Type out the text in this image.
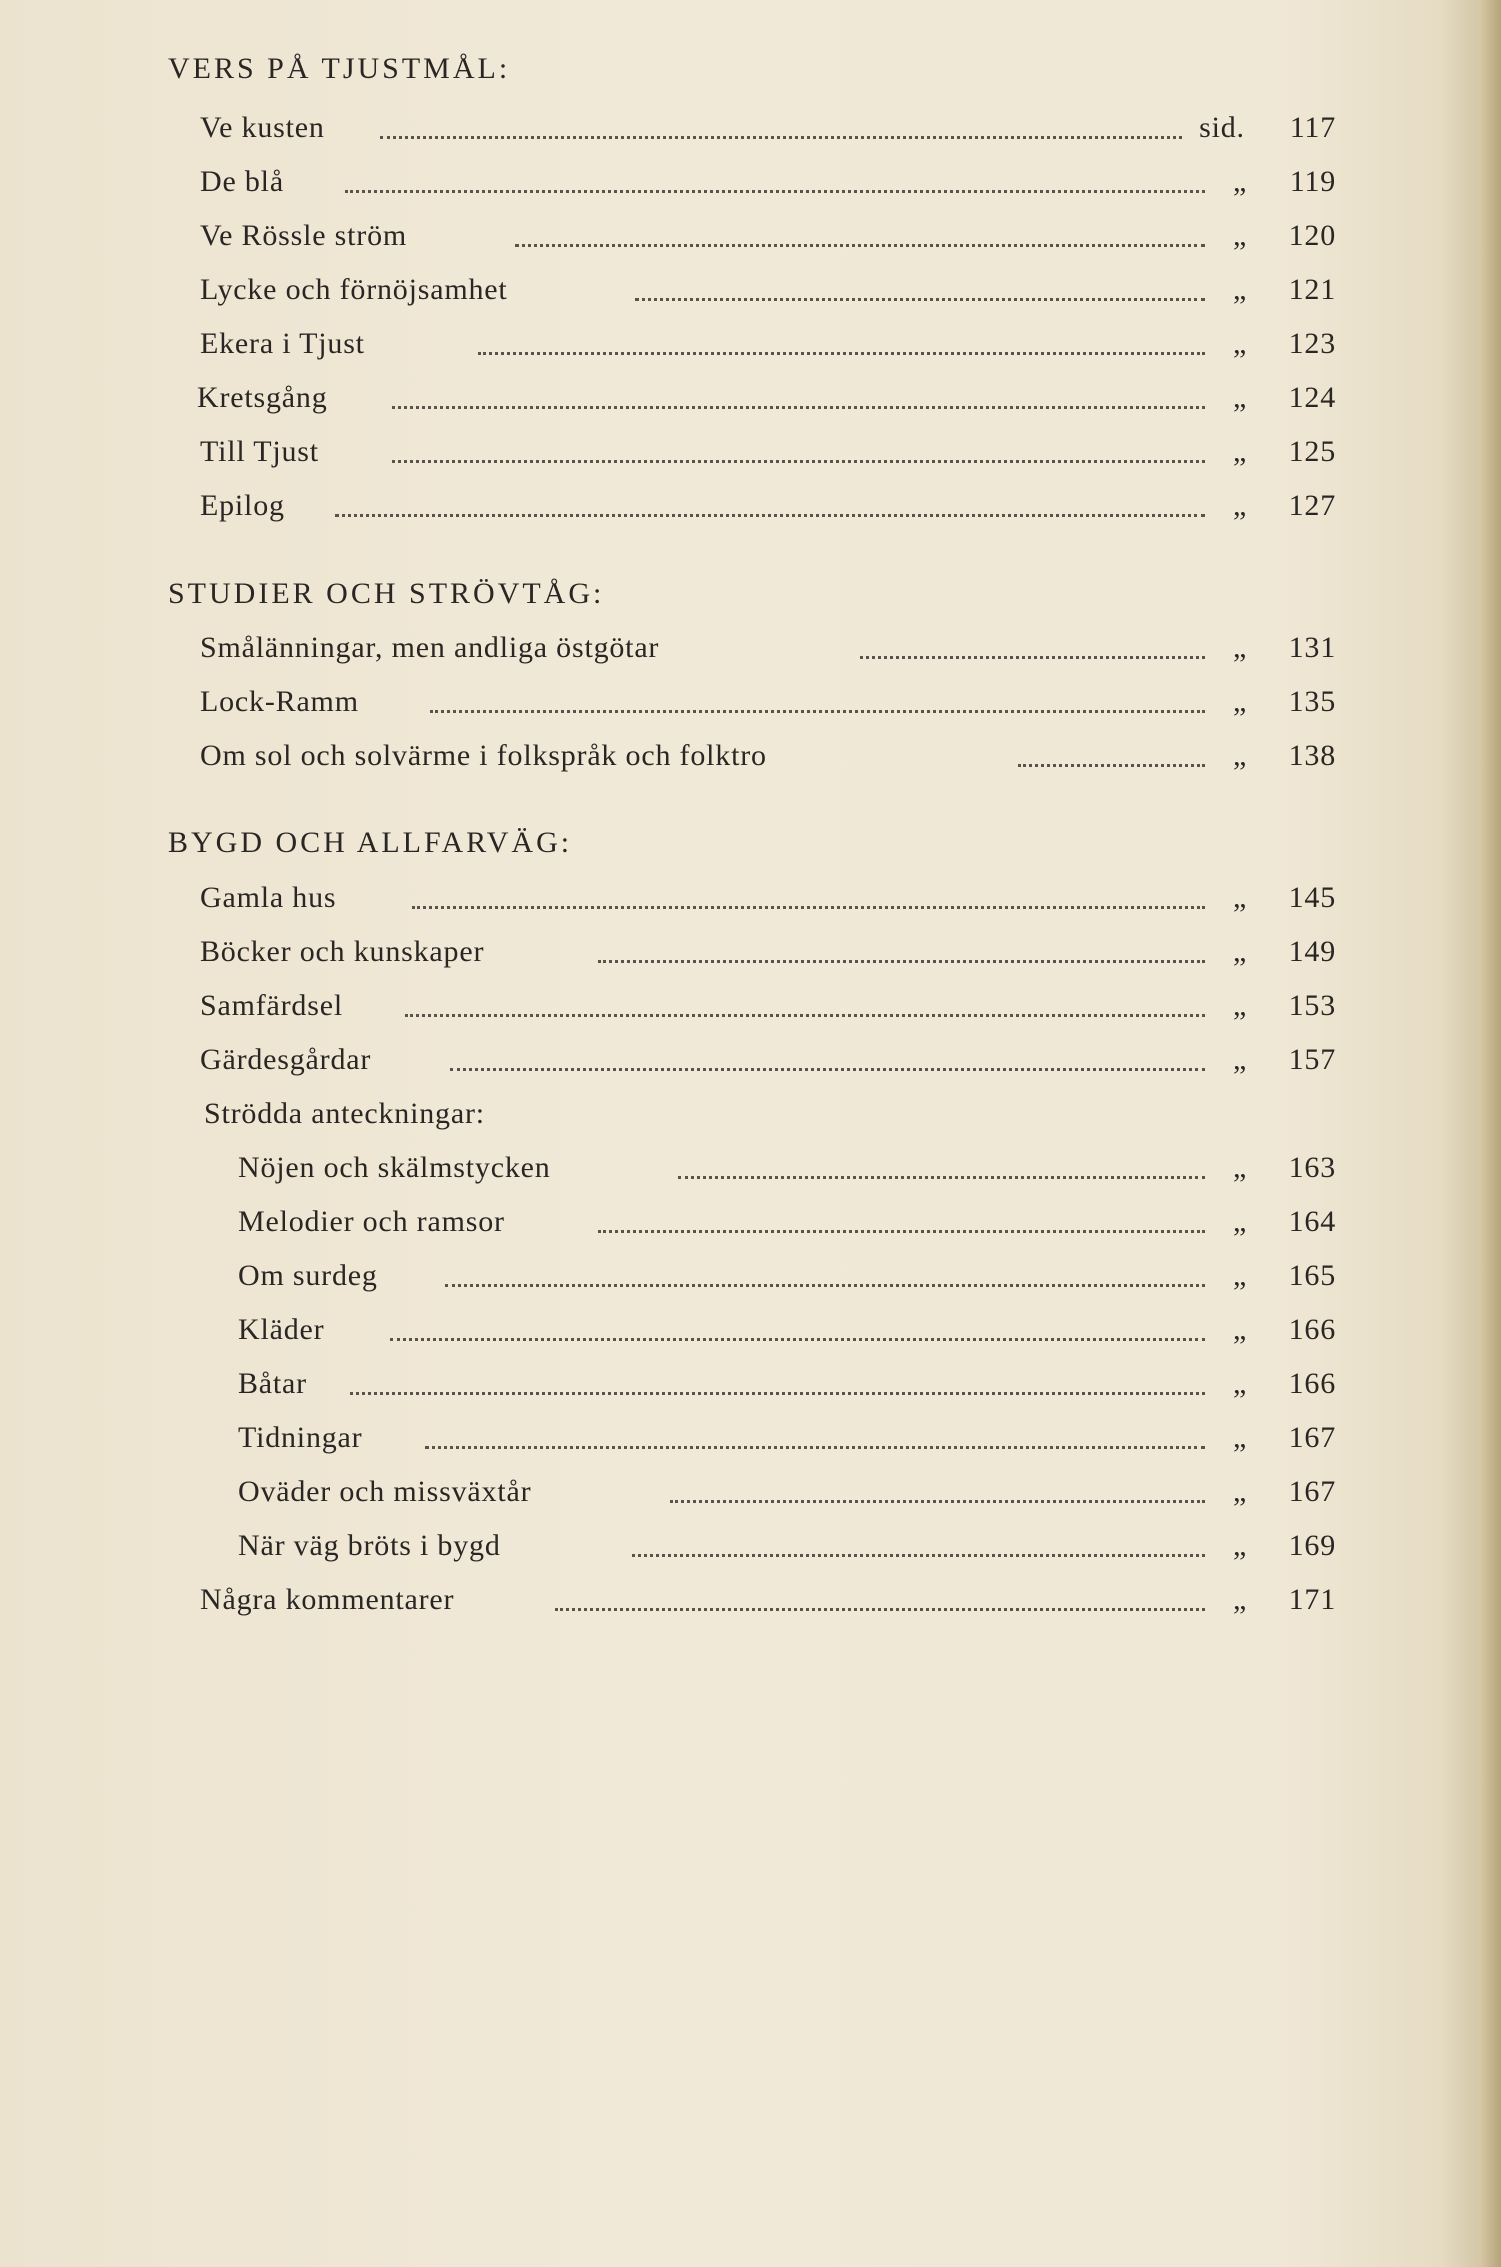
VERS PÅ TJUSTMÅL:
Ve kusten	sid.	117
De blå	„	119
Ve Rössle ström	„	120
Lycke och förnöjsamhet	„	121
Ekera i Tjust	„	123
Kretsgång	„	124
Till Tjust	„	125
Epilog	„	127
STUDIER OCH STRÖVTÅG:
Smålänningar, men andliga östgötar	„	131
Lock-Ramm	„	135
Om sol och solvärme i folkspråk och folktro	„	138
BYGD OCH ALLFARVÄG:
Gamla hus	„	145
Böcker och kunskaper	„	149
Samfärdsel	„	153
Gärdesgårdar	„	157
Strödda anteckningar:
Nöjen och skälmstycken	„	163
Melodier och ramsor	„	164
Om surdeg	„	165
Kläder	„	166
Båtar	„	166
Tidningar	„	167
Oväder och missväxtår	„	167
När väg bröts i bygd	„	169
Några kommentarer	„	171
